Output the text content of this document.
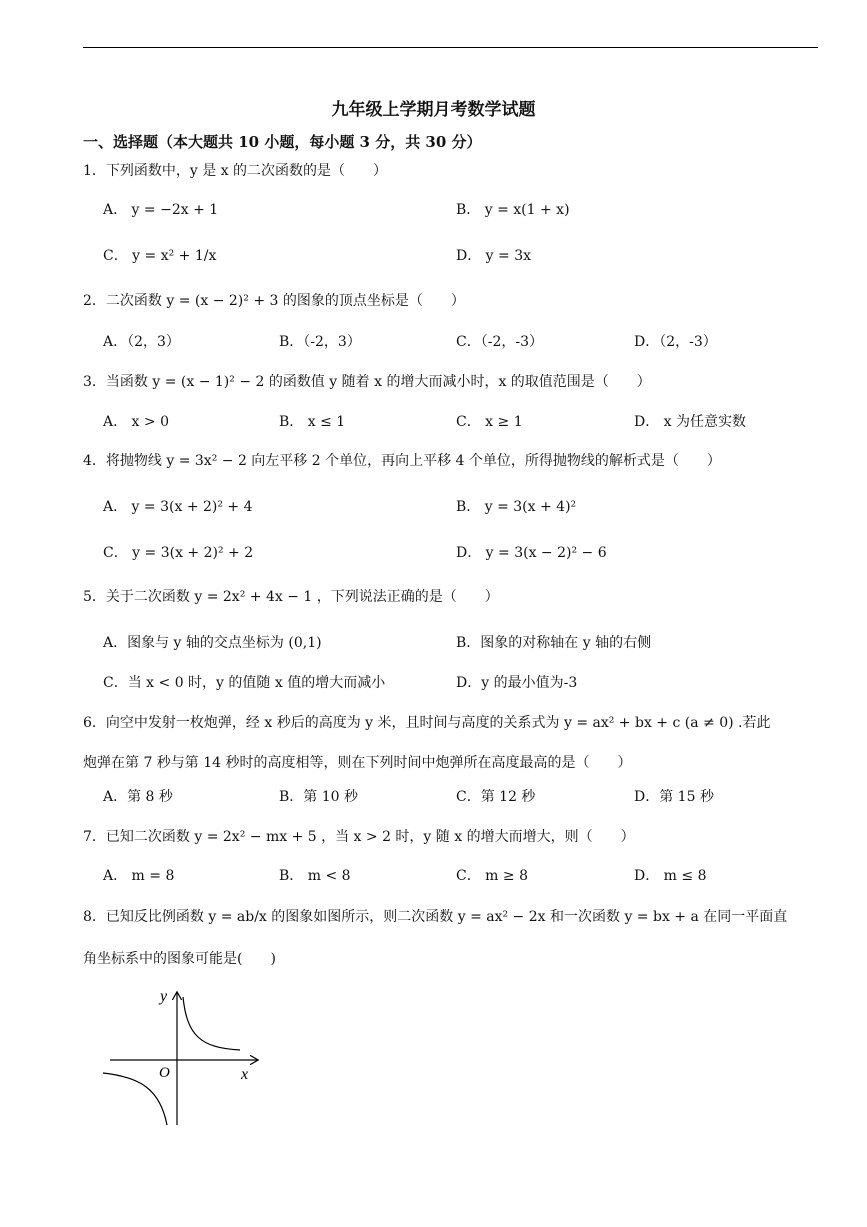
九年级上学期月考数学试题
一、选择题（本大题共 10 小题，每小题 3 分，共 30 分）
1．下列函数中，y 是 x 的二次函数的是（　　）
A． y = −2x + 1	B． y = x(1 + x)
C． y = x² + 1/x	D． y = 3x
2．二次函数 y = (x − 2)² + 3 的图象的顶点坐标是（　　）
A．（2，3）	B．（-2，3）	C．（-2，-3）	D．（2，-3）
3．当函数 y = (x − 1)² − 2 的函数值 y 随着 x 的增大而减小时，x 的取值范围是（　　）
A． x > 0	B． x ≤ 1	C． x ≥ 1	D． x 为任意实数
4．将抛物线 y = 3x² − 2 向左平移 2 个单位，再向上平移 4 个单位，所得抛物线的解析式是（　　）
A． y = 3(x + 2)² + 4	B． y = 3(x + 4)²
C． y = 3(x + 2)² + 2	D． y = 3(x − 2)² − 6
5．关于二次函数 y = 2x² + 4x − 1 ，下列说法正确的是（　　）
A．图象与 y 轴的交点坐标为 (0,1)	B．图象的对称轴在 y 轴的右侧
C．当 x < 0 时，y 的值随 x 值的增大而减小	D．y 的最小值为-3
6．向空中发射一枚炮弹，经 x 秒后的高度为 y 米，且时间与高度的关系式为 y = ax² + bx + c (a ≠ 0) .若此
炮弹在第 7 秒与第 14 秒时的高度相等，则在下列时间中炮弹所在高度最高的是（　　）
A．第 8 秒	B．第 10 秒	C．第 12 秒	D．第 15 秒
7．已知二次函数 y = 2x² − mx + 5 ，当 x > 2 时，y 随 x 的增大而增大，则（　　）
A． m = 8	B． m < 8	C． m ≥ 8	D． m ≤ 8
8．已知反比例函数 y = ab/x 的图象如图所示，则二次函数 y = ax² − 2x 和一次函数 y = bx + a 在同一平面直
角坐标系中的图象可能是(　　)
y
x
O
